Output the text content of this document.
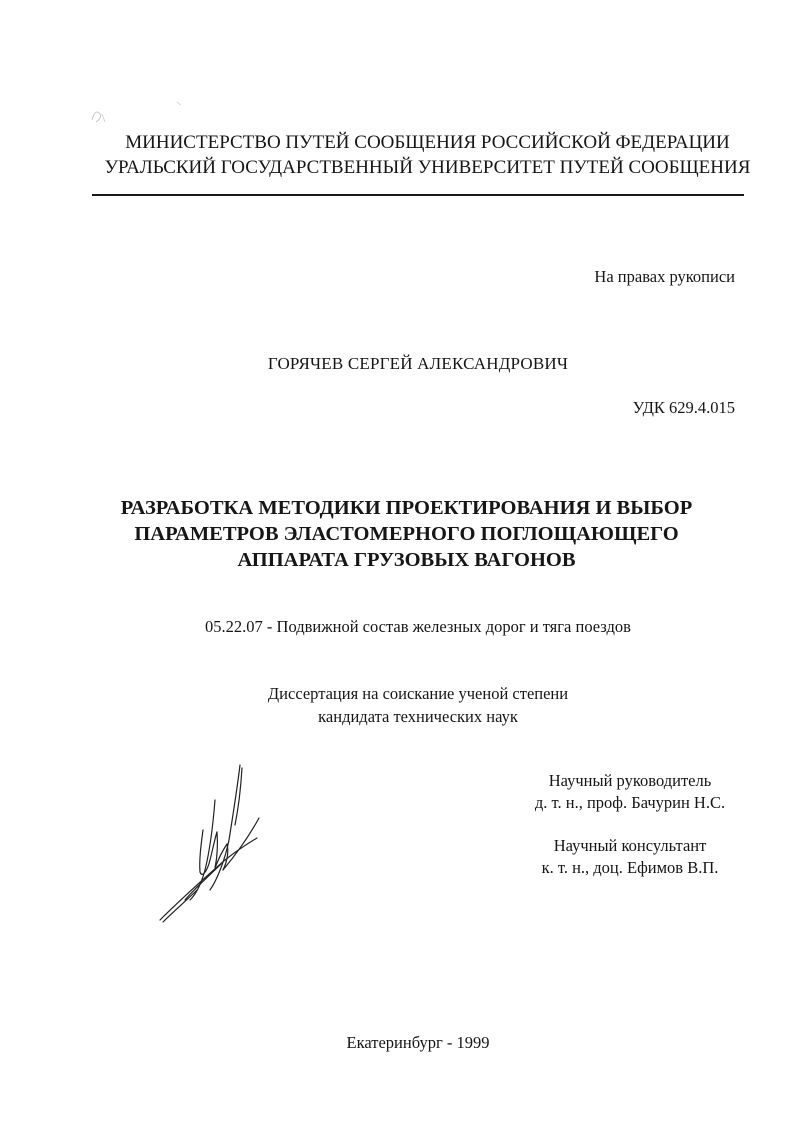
МИНИСТЕРСТВО ПУТЕЙ СООБЩЕНИЯ РОССИЙСКОЙ ФЕДЕРАЦИИ
УРАЛЬСКИЙ ГОСУДАРСТВЕННЫЙ УНИВЕРСИТЕТ ПУТЕЙ СООБЩЕНИЯ
На правах рукописи
ГОРЯЧЕВ СЕРГЕЙ АЛЕКСАНДРОВИЧ
УДК 629.4.015
РАЗРАБОТКА МЕТОДИКИ ПРОЕКТИРОВАНИЯ И ВЫБОР
ПАРАМЕТРОВ ЭЛАСТОМЕРНОГО ПОГЛОЩАЮЩЕГО
АППАРАТА ГРУЗОВЫХ ВАГОНОВ
05.22.07 - Подвижной состав железных дорог и тяга поездов
Диссертация на соискание ученой степени
кандидата технических наук
Научный руководитель
д. т. н., проф. Бачурин Н.С.
Научный консультант
к. т. н., доц. Ефимов В.П.
Екатеринбург - 1999
